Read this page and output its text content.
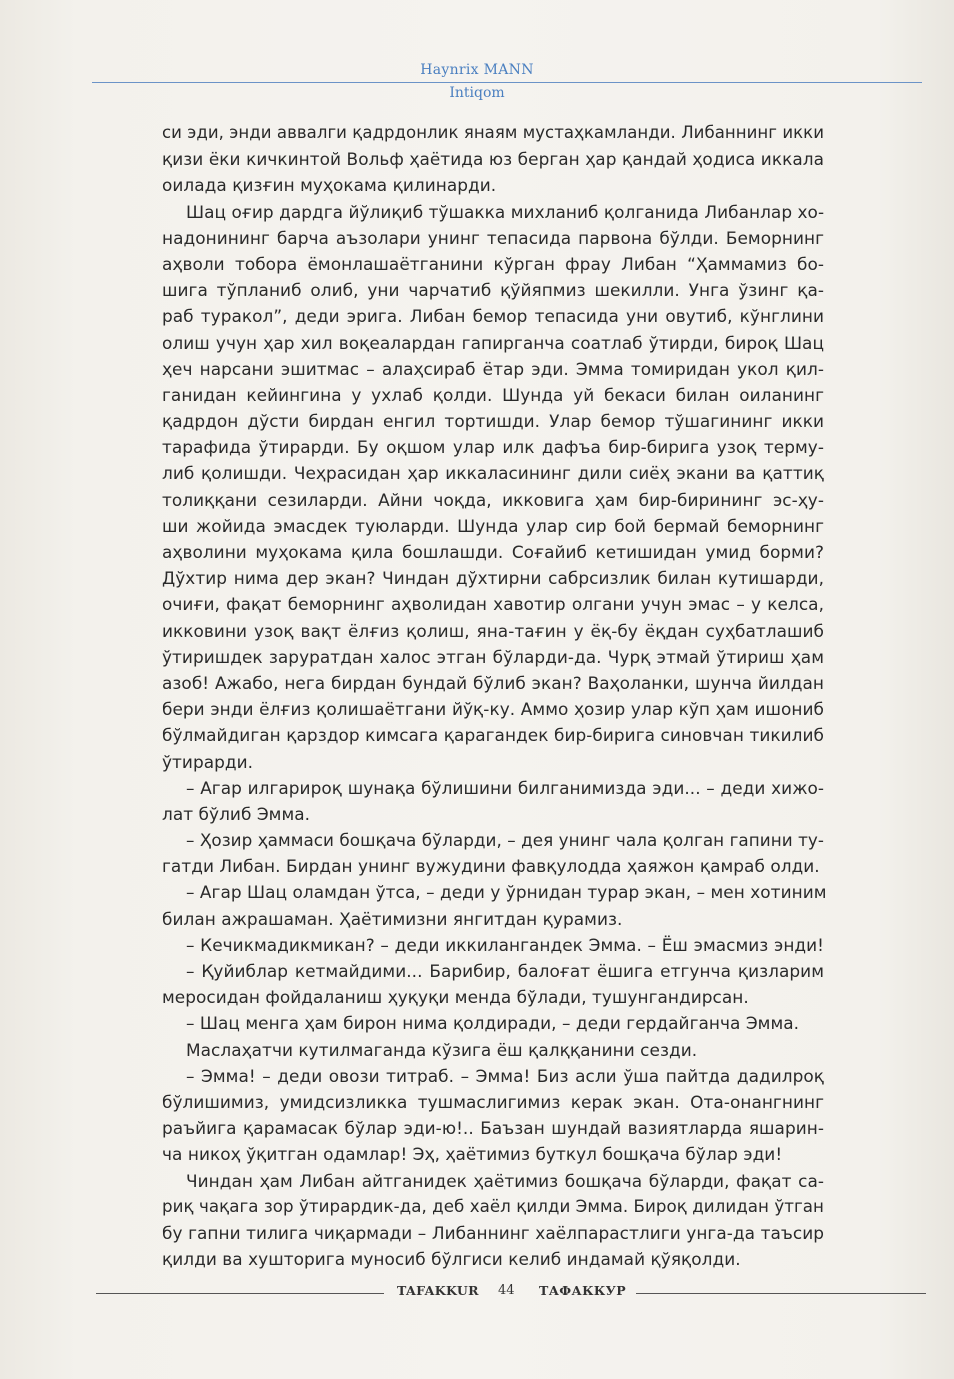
Haynrix MANN
Intiqom
си эди, энди аввалги қадрдонлик янаям мустаҳкамланди. Либаннинг икки
қизи ёки кичкинтой Вольф ҳаётида юз берган ҳар қандай ҳодиса иккала
оилада қизғин муҳокама қилинарди.
Шац оғир дардга йўлиқиб тўшакка михланиб қолганида Либанлар хо-
надонининг барча аъзолари унинг тепасида парвона бўлди. Беморнинг
аҳволи тобора ёмонлашаётганини кўрган фрау Либан “Ҳаммамиз бо-
шига тўпланиб олиб, уни чарчатиб қўйяпмиз шекилли. Унга ўзинг қа-
раб туракол”, деди эрига. Либан бемор тепасида уни овутиб, кўнглини
олиш учун ҳар хил воқеалардан гапирганча соатлаб ўтирди, бироқ Шац
ҳеч нарсани эшитмас – алаҳсираб ётар эди. Эмма томиридан укол қил-
ганидан кейингина у ухлаб қолди. Шунда уй бекаси билан оиланинг
қадрдон дўсти бирдан енгил тортишди. Улар бемор тўшагининг икки
тарафида ўтирарди. Бу оқшом улар илк дафъа бир-бирига узоқ терму-
либ қолишди. Чеҳрасидан ҳар иккаласининг дили сиёҳ экани ва қаттиқ
толиққани сезиларди. Айни чоқда, икковига ҳам бир-бирининг эс-ҳу-
ши жойида эмасдек туюларди. Шунда улар сир бой бермай беморнинг
аҳволини муҳокама қила бошлашди. Соғайиб кетишидан умид борми?
Дўхтир нима дер экан? Чиндан дўхтирни сабрсизлик билан кутишарди,
очиғи, фақат беморнинг аҳволидан хавотир олгани учун эмас – у келса,
икковини узоқ вақт ёлғиз қолиш, яна-тағин у ёқ-бу ёқдан суҳбатлашиб
ўтиришдек заруратдан халос этган бўларди-да. Чурқ этмай ўтириш ҳам
азоб! Ажабо, нега бирдан бундай бўлиб экан? Ваҳоланки, шунча йилдан
бери энди ёлғиз қолишаётгани йўқ-ку. Аммо ҳозир улар кўп ҳам ишониб
бўлмайдиган қарздор кимсага қарагандек бир-бирига синовчан тикилиб
ўтирарди.
– Агар илгарироқ шунақа бўлишини билганимизда эди... – деди хижо-
лат бўлиб Эмма.
– Ҳозир ҳаммаси бошқача бўларди, – дея унинг чала қолган гапини ту-
гатди Либан. Бирдан унинг вужудини фавқулодда ҳаяжон қамраб олди.
– Агар Шац оламдан ўтса, – деди у ўрнидан турар экан, – мен хотиним
билан ажрашаман. Ҳаётимизни янгитдан қурамиз.
– Кечикмадикмикан? – деди иккилангандек Эмма. – Ёш эмасмиз энди!
– Қуйиблар кетмайдими... Барибир, балоғат ёшига етгунча қизларим
меросидан фойдаланиш ҳуқуқи менда бўлади, тушунгандирсан.
– Шац менга ҳам бирон нима қолдиради, – деди гердайганча Эмма.
Маслаҳатчи кутилмаганда кўзига ёш қалққанини сезди.
– Эмма! – деди овози титраб. – Эмма! Биз асли ўша пайтда дадилроқ
бўлишимиз, умидсизликка тушмаслигимиз керак экан. Ота-онангнинг
раъйига қарамасак бўлар эди-ю!.. Баъзан шундай вазиятларда яшарин-
ча никоҳ ўқитган одамлар! Эҳ, ҳаётимиз буткул бошқача бўлар эди!
Чиндан ҳам Либан айтганидек ҳаётимиз бошқача бўларди, фақат са-
риқ чақага зор ўтирардик-да, деб хаёл қилди Эмма. Бироқ дилидан ўтган
бу гапни тилига чиқармади – Либаннинг хаёлпарастлиги унга-да таъсир
қилди ва хушторига муносиб бўлгиси келиб индамай қўяқолди.
TAFAKKUR 44 ТАФАККУР
